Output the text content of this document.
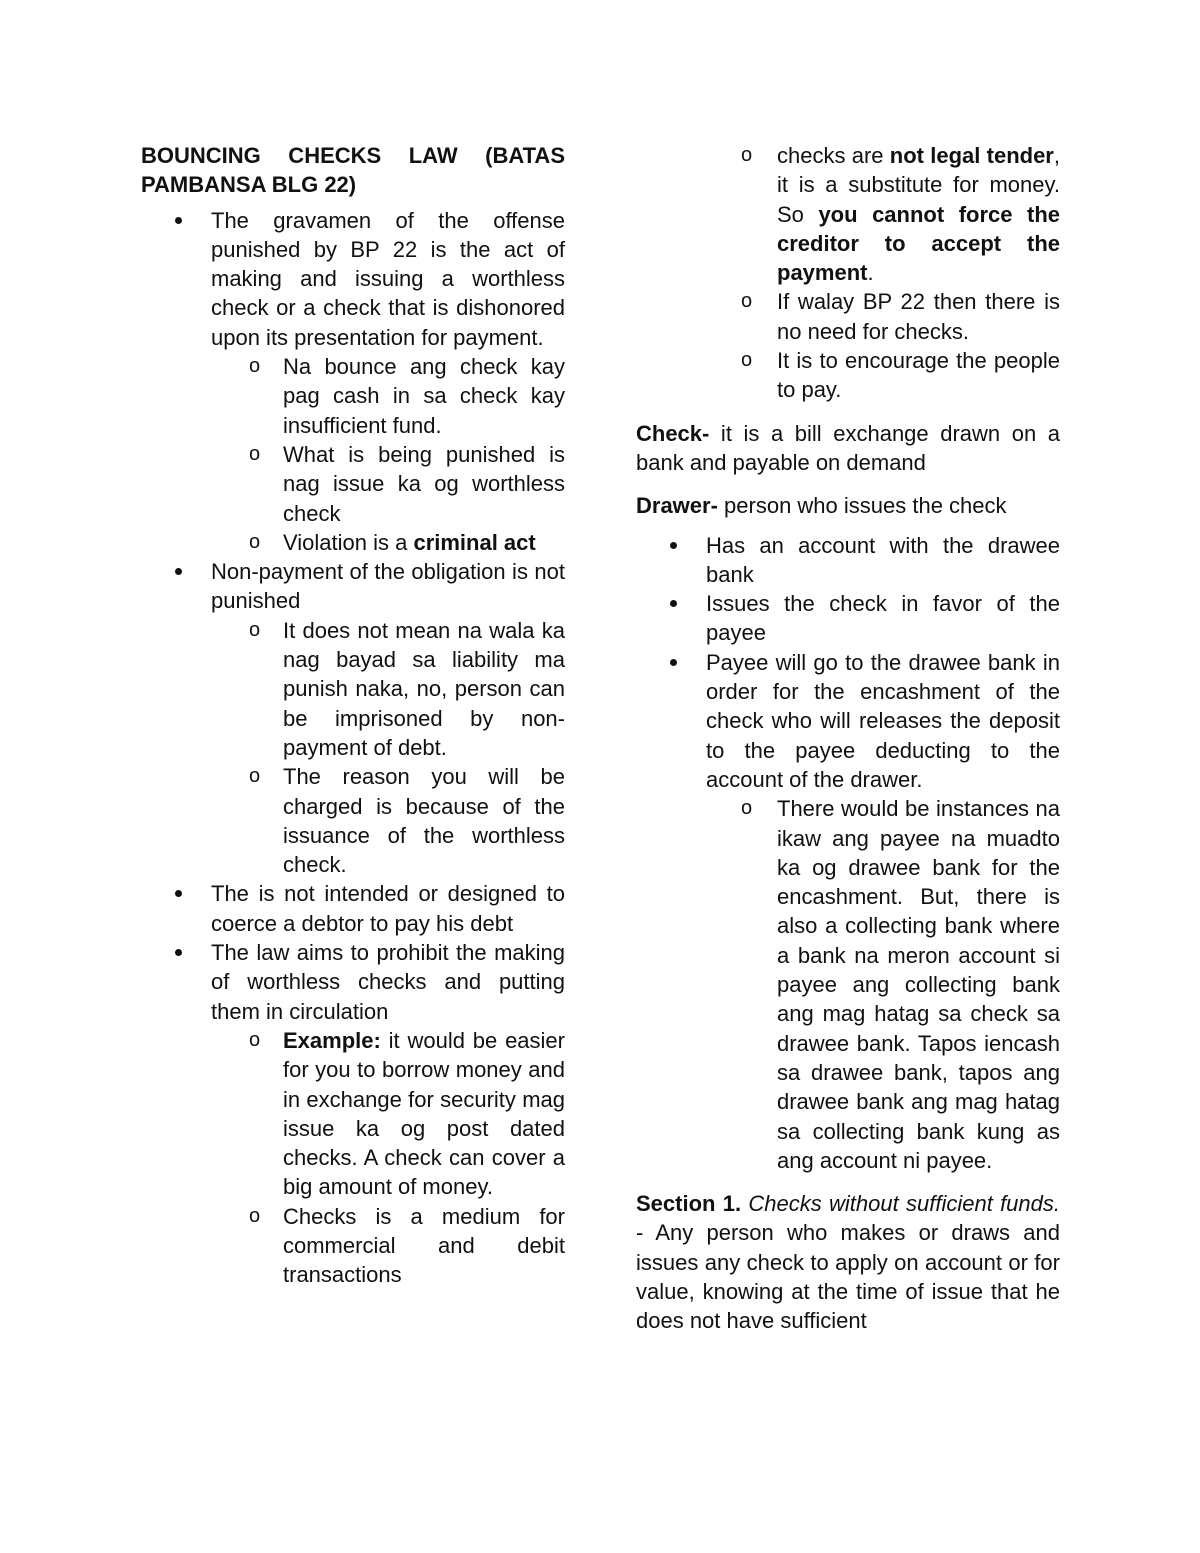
BOUNCING CHECKS LAW (BATAS PAMBANSA BLG 22)

The gravamen of the offense punished by BP 22 is the act of making and issuing a worthless check or a check that is dishonored upon its presentation for payment.
o Na bounce ang check kay pag cash in sa check kay insufficient fund.
o What is being punished is nag issue ka og worthless check
o Violation is a criminal act
Non-payment of the obligation is not punished
o It does not mean na wala ka nag bayad sa liability ma punish naka, no, person can be imprisoned by non-payment of debt.
o The reason you will be charged is because of the issuance of the worthless check.
The is not intended or designed to coerce a debtor to pay his debt
The law aims to prohibit the making of worthless checks and putting them in circulation
o Example: it would be easier for you to borrow money and in exchange for security mag issue ka og post dated checks. A check can cover a big amount of money.
o Checks is a medium for commercial and debit transactions
o checks are not legal tender, it is a substitute for money. So you cannot force the creditor to accept the payment.
o If walay BP 22 then there is no need for checks.
o It is to encourage the people to pay.

Check- it is a bill exchange drawn on a bank and payable on demand

Drawer- person who issues the check

Has an account with the drawee bank
Issues the check in favor of the payee
Payee will go to the drawee bank in order for the encashment of the check who will releases the deposit to the payee deducting to the account of the drawer.
o There would be instances na ikaw ang payee na muadto ka og drawee bank for the encashment. But, there is also a collecting bank where a bank na meron account si payee ang collecting bank ang mag hatag sa check sa drawee bank. Tapos iencash sa drawee bank, tapos ang drawee bank ang mag hatag sa collecting bank kung as ang account ni payee.

Section 1. Checks without sufficient funds. - Any person who makes or draws and issues any check to apply on account or for value, knowing at the time of issue that he does not have sufficient
